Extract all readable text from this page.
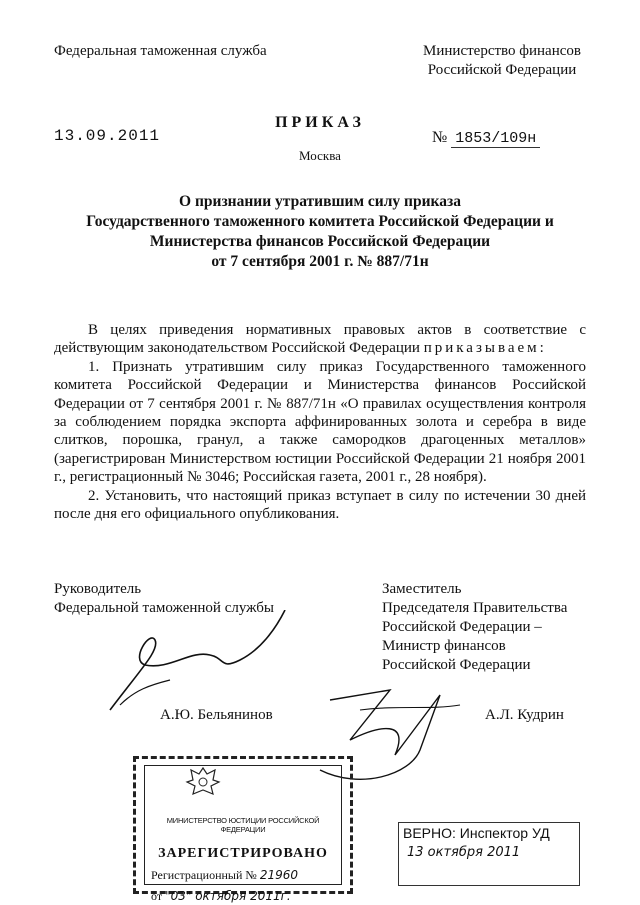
Федеральная таможенная служба	Министерство финансов
Российской Федерации
ПРИКАЗ
13.09.2011
Москва
№ 1853/109н
О признании утратившим силу приказа
Государственного таможенного комитета Российской Федерации и
Министерства финансов Российской Федерации
от 7 сентября 2001 г. № 887/71н

В целях приведения нормативных правовых актов в соответствие с действующим законодательством Российской Федерации приказываем:

1. Признать утратившим силу приказ Государственного таможенного комитета Российской Федерации и Министерства финансов Российской Федерации от 7 сентября 2001 г. № 887/71н «О правилах осуществления контроля за соблюдением порядка экспорта аффинированных золота и серебра в виде слитков, порошка, гранул, а также самородков драгоценных металлов» (зарегистрирован Министерством юстиции Российской Федерации 21 ноября 2001 г., регистрационный № 3046; Российская газета, 2001 г., 28 ноября).

2. Установить, что настоящий приказ вступает в силу по истечении 30 дней после дня его официального опубликования.

Руководитель
Федеральной таможенной службы
Заместитель
Председателя Правительства
Российской Федерации –
Министр финансов
Российской Федерации
А.Ю. Бельянинов	А.Л. Кудрин
МИНИСТЕРСТВО ЮСТИЦИИ РОССИЙСКОЙ ФЕДЕРАЦИИ
ЗАРЕГИСТРИРОВАНО
Регистрационный № 21960
от "03" октября 2011г.
ВЕРНО: Инспектор УД
13 октября 2011
